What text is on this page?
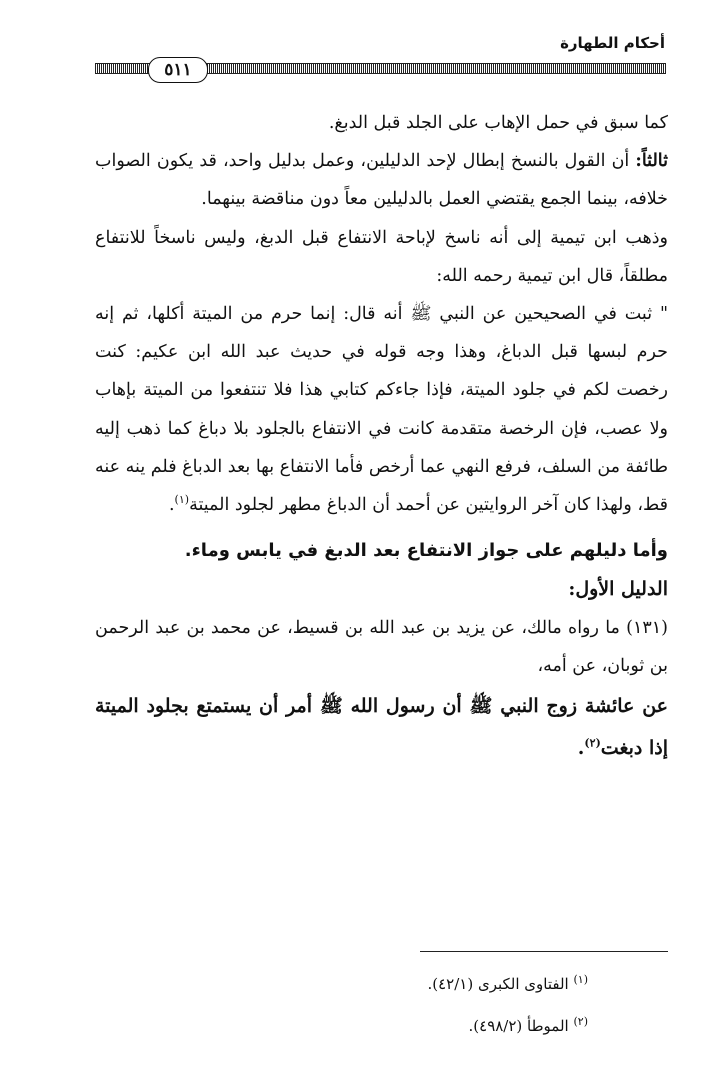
أحكام الطهارة
٥١١

كما سبق في حمل الإهاب على الجلد قبل الدبغ.

ثالثاً: أن القول بالنسخ إبطال لإحد الدليلين، وعمل بدليل واحد، قد يكون الصواب خلافه، بينما الجمع يقتضي العمل بالدليلين معاً دون مناقضة بينهما.

وذهب ابن تيمية إلى أنه ناسخ لإباحة الانتفاع قبل الدبغ، وليس ناسخاً للانتفاع مطلقاً، قال ابن تيمية رحمه الله:

" ثبت في الصحيحين عن النبي ﷺ أنه قال: إنما حرم من الميتة أكلها، ثم إنه حرم لبسها قبل الدباغ، وهذا وجه قوله في حديث عبد الله ابن عكيم: كنت رخصت لكم في جلود الميتة، فإذا جاءكم كتابي هذا فلا تنتفعوا من الميتة بإهاب ولا عصب، فإن الرخصة متقدمة كانت في الانتفاع بالجلود بلا دباغ كما ذهب إليه طائفة من السلف، فرفع النهي عما أرخص فأما الانتفاع بها بعد الدباغ فلم ينه عنه قط، ولهذا كان آخر الروايتين عن أحمد أن الدباغ مطهر لجلود الميتة$^{(١)}$.

وأما دليلهم على جواز الانتفاع بعد الدبغ في يابس وماء.

الدليل الأول:

(١٣١) ما رواه مالك، عن يزيد بن عبد الله بن قسيط، عن محمد بن عبد الرحمن بن ثوبان، عن أمه،

عن عائشة زوج النبي ﷺ أن رسول الله ﷺ أمر أن يستمتع بجلود الميتة إذا دبغت$^{(٢)}$.

$^{(١)}$ الفتاوى الكبرى (٤٢/١).

$^{(٢)}$ الموطأ (٤٩٨/٢).
